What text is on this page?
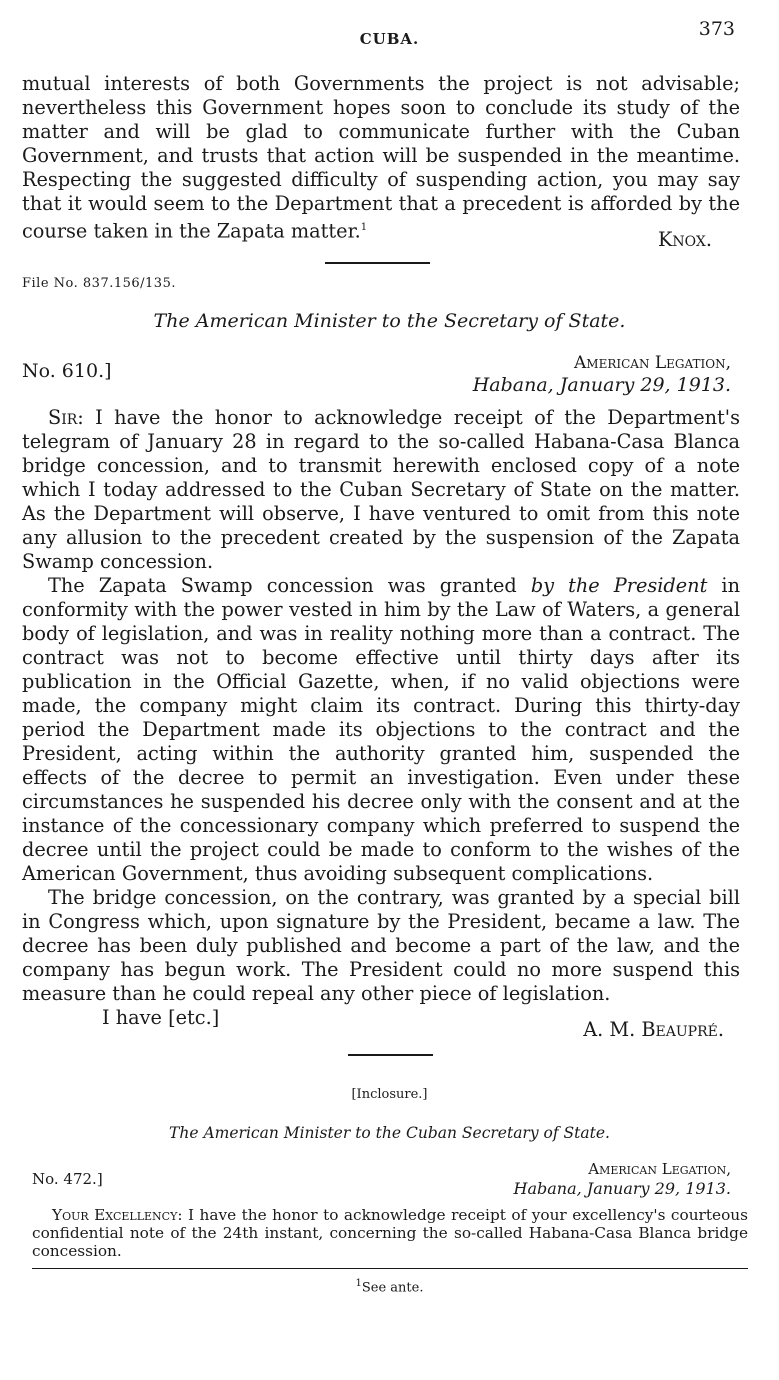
CUBA.	373
mutual interests of both Governments the project is not advisable; nevertheless this Government hopes soon to conclude its study of the matter and will be glad to communicate further with the Cuban Government, and trusts that action will be suspended in the meantime. Respecting the suggested difficulty of suspending action, you may say that it would seem to the Department that a precedent is afforded by the course taken in the Zapata matter.$^1$
Knox.
File No. 837.156/135.
The American Minister to the Secretary of State.
No. 610.]	American Legation,
Habana, January 29, 1913.
Sir: I have the honor to acknowledge receipt of the Department's telegram of January 28 in regard to the so-called Habana-Casa Blanca bridge concession, and to transmit herewith enclosed copy of a note which I today addressed to the Cuban Secretary of State on the matter. As the Department will observe, I have ventured to omit from this note any allusion to the precedent created by the suspension of the Zapata Swamp concession.
The Zapata Swamp concession was granted by the President in conformity with the power vested in him by the Law of Waters, a general body of legislation, and was in reality nothing more than a contract. The contract was not to become effective until thirty days after its publication in the Official Gazette, when, if no valid objections were made, the company might claim its contract. During this thirty-day period the Department made its objections to the contract and the President, acting within the authority granted him, suspended the effects of the decree to permit an investigation. Even under these circumstances he suspended his decree only with the consent and at the instance of the concessionary company which preferred to suspend the decree until the project could be made to conform to the wishes of the American Government, thus avoiding subsequent complications.
The bridge concession, on the contrary, was granted by a special bill in Congress which, upon signature by the President, became a law. The decree has been duly published and become a part of the law, and the company has begun work. The President could no more suspend this measure than he could repeal any other piece of legislation.
I have [etc.]
A. M. Beaupré.
[Inclosure.]
The American Minister to the Cuban Secretary of State.
No. 472.]
American Legation,
Habana, January 29, 1913.
Your Excellency: I have the honor to acknowledge receipt of your excellency's courteous confidential note of the 24th instant, concerning the so-called Habana-Casa Blanca bridge concession.
$^1$See ante.
